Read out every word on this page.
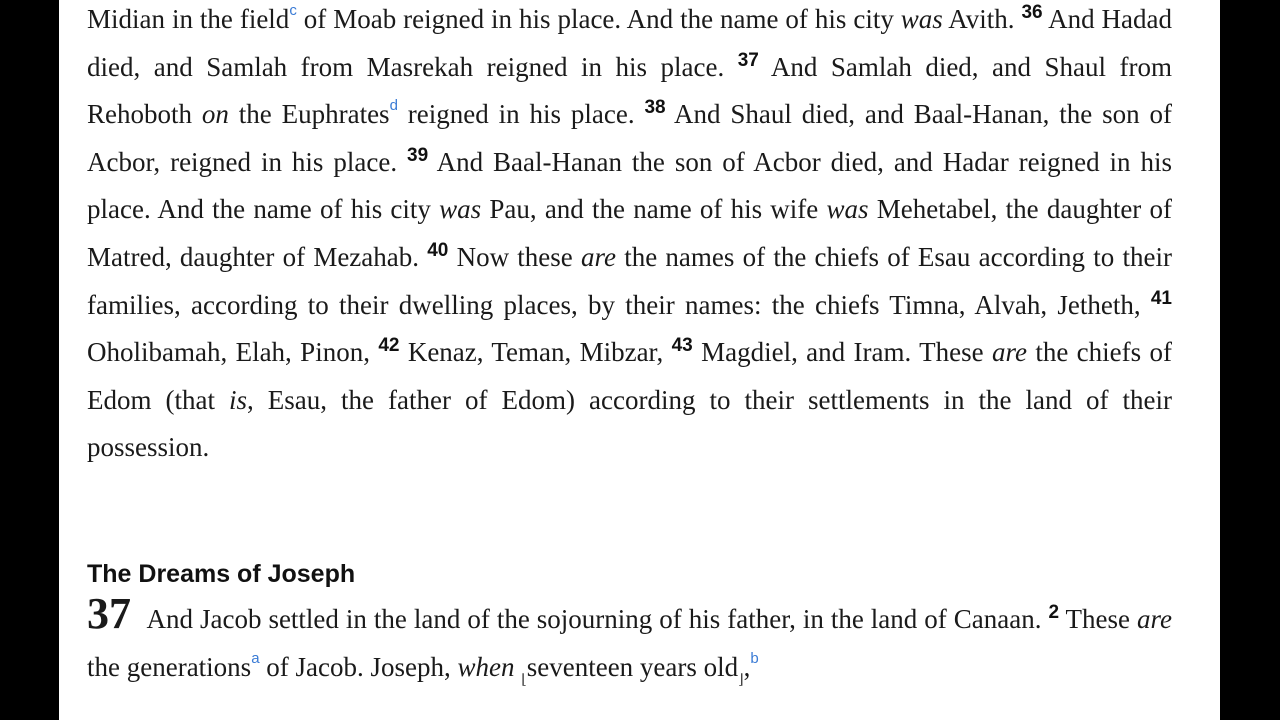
Midian in the field$^c$ of Moab reigned in his place. And the name of his city was Avith. $^{36}$ And Hadad died, and Samlah from Masrekah reigned in his place. $^{37}$ And Samlah died, and Shaul from Rehoboth on the Euphrates$^d$ reigned in his place. $^{38}$ And Shaul died, and Baal-Hanan, the son of Acbor, reigned in his place. $^{39}$ And Baal-Hanan the son of Acbor died, and Hadar reigned in his place. And the name of his city was Pau, and the name of his wife was Mehetabel, the daughter of Matred, daughter of Mezahab. $^{40}$ Now these are the names of the chiefs of Esau according to their families, according to their dwelling places, by their names: the chiefs Timna, Alvah, Jetheth, $^{41}$ Oholibamah, Elah, Pinon, $^{42}$ Kenaz, Teman, Mibzar, $^{43}$ Magdiel, and Iram. These are the chiefs of Edom (that is, Esau, the father of Edom) according to their settlements in the land of their possession.

The Dreams of Joseph

37 And Jacob settled in the land of the sojourning of his father, in the land of Canaan. $^2$ These are the generations$^a$ of Jacob. Joseph, when $_⌊$seventeen years old$_⌋$,$^b$
